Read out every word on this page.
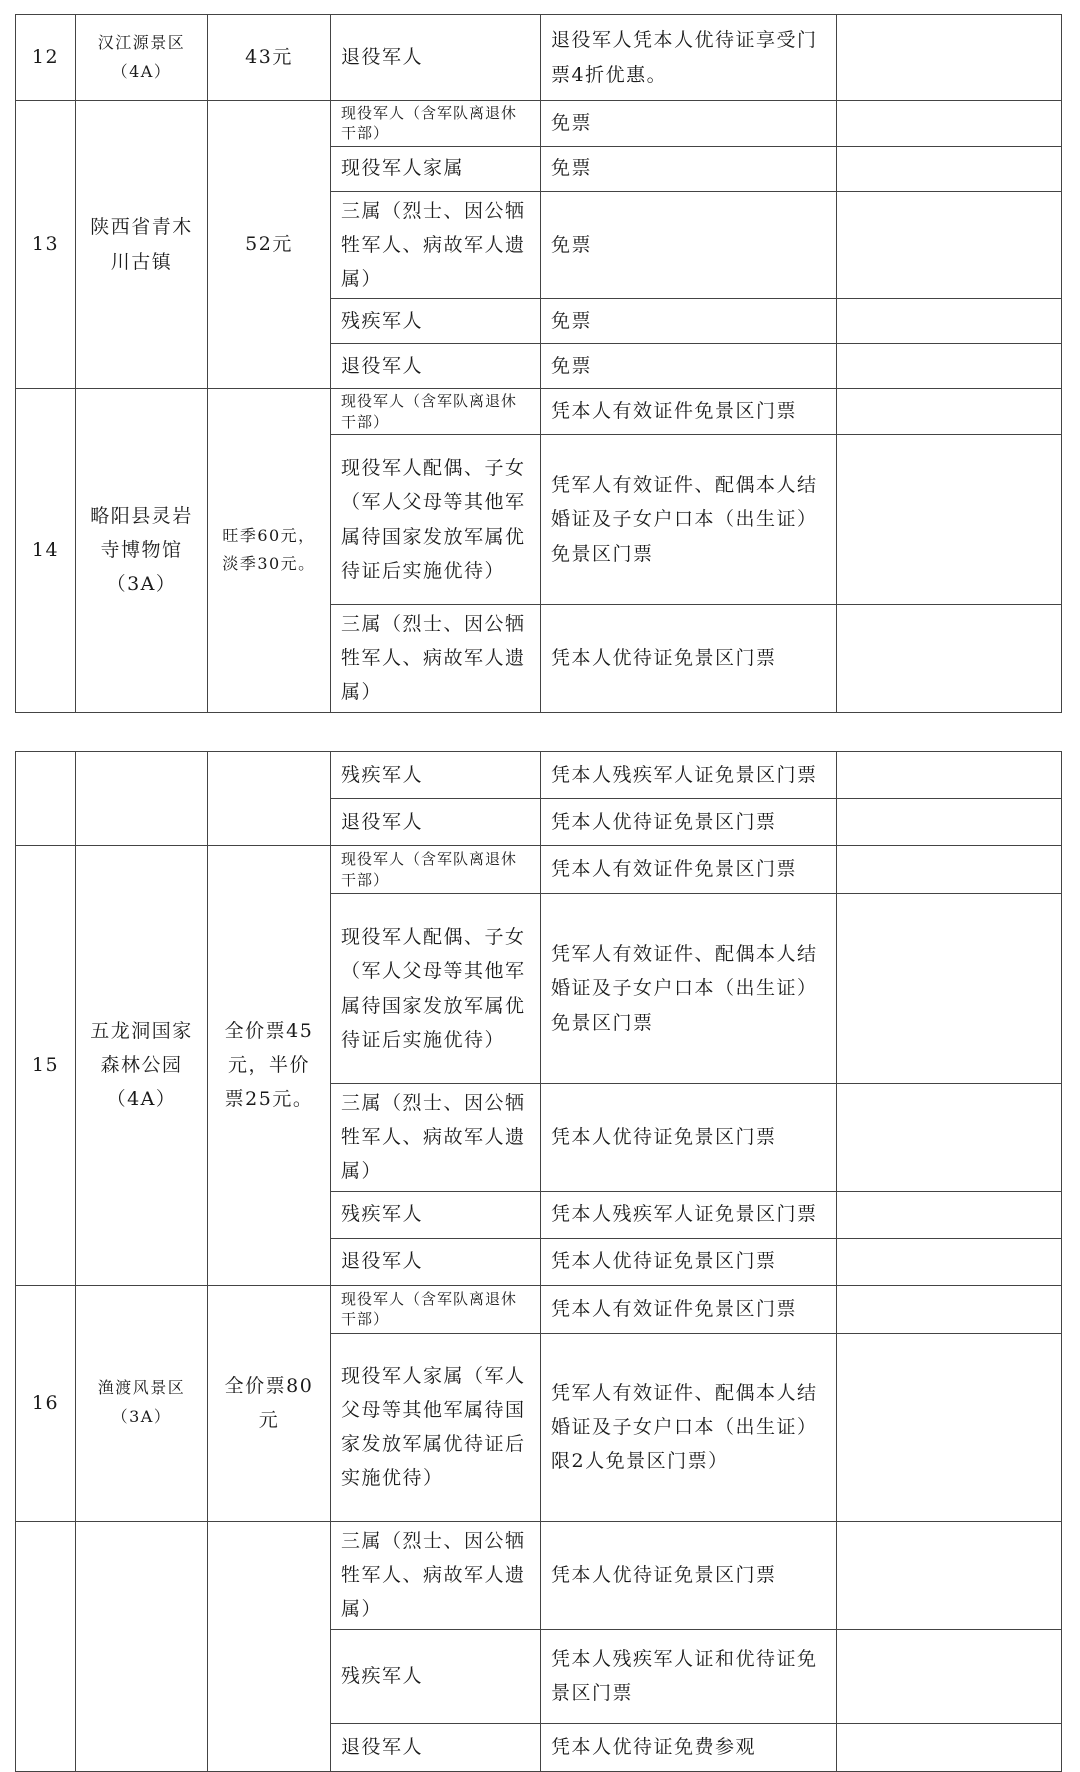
12	汉江源景区（4A）	43元	退役军人	退役军人凭本人优待证享受门票4折优惠。	
13	陕西省青木川古镇	52元	现役军人（含军队离退休干部）	免票	
			现役军人家属	免票	
			三属（烈士、因公牺牲军人、病故军人遗属）	免票	
			残疾军人	免票	
			退役军人	免票	
14	略阳县灵岩寺博物馆（3A）	旺季60元，淡季30元。	现役军人（含军队离退休干部）	凭本人有效证件免景区门票	
			现役军人配偶、子女（军人父母等其他军属待国家发放军属优待证后实施优待）	凭军人有效证件、配偶本人结婚证及子女户口本（出生证）免景区门票	
			三属（烈士、因公牺牲军人、病故军人遗属）	凭本人优待证免景区门票	
			残疾军人	凭本人残疾军人证免景区门票	
			退役军人	凭本人优待证免景区门票	
15	五龙洞国家森林公园（4A）	全价票45元，半价票25元。	现役军人（含军队离退休干部）	凭本人有效证件免景区门票	
			现役军人配偶、子女（军人父母等其他军属待国家发放军属优待证后实施优待）	凭军人有效证件、配偶本人结婚证及子女户口本（出生证）免景区门票	
			三属（烈士、因公牺牲军人、病故军人遗属）	凭本人优待证免景区门票	
			残疾军人	凭本人残疾军人证免景区门票	
			退役军人	凭本人优待证免景区门票	
16	渔渡风景区（3A）	全价票80元	现役军人（含军队离退休干部）	凭本人有效证件免景区门票	
			现役军人家属（军人父母等其他军属待国家发放军属优待证后实施优待）	凭军人有效证件、配偶本人结婚证及子女户口本（出生证）限2人免景区门票）	
			三属（烈士、因公牺牲军人、病故军人遗属）	凭本人优待证免景区门票	
			残疾军人	凭本人残疾军人证和优待证免景区门票	
			退役军人	凭本人优待证免费参观	
